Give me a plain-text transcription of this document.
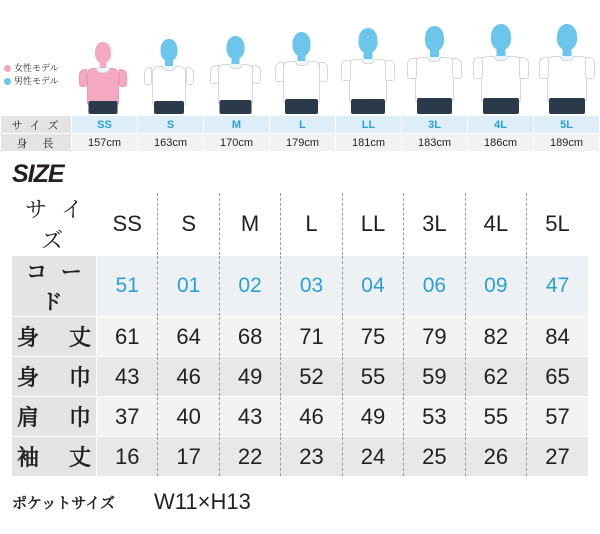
女性モデル
男性モデル
サ イ ズ	SS	S	M	L	LL	3L	4L	5L
身　長	157cm	163cm	170cm	179cm	181cm	183cm	186cm	189cm
SIZE
サ イ ズ	SS	S	M	L	LL	3L	4L	5L
コ ー ド	51	01	02	03	04	06	09	47
身　丈	61	64	68	71	75	79	82	84
身　巾	43	46	49	52	55	59	62	65
肩　巾	37	40	43	46	49	53	55	57
袖　丈	16	17	22	23	24	25	26	27
ポケットサイズ	W11×H13
